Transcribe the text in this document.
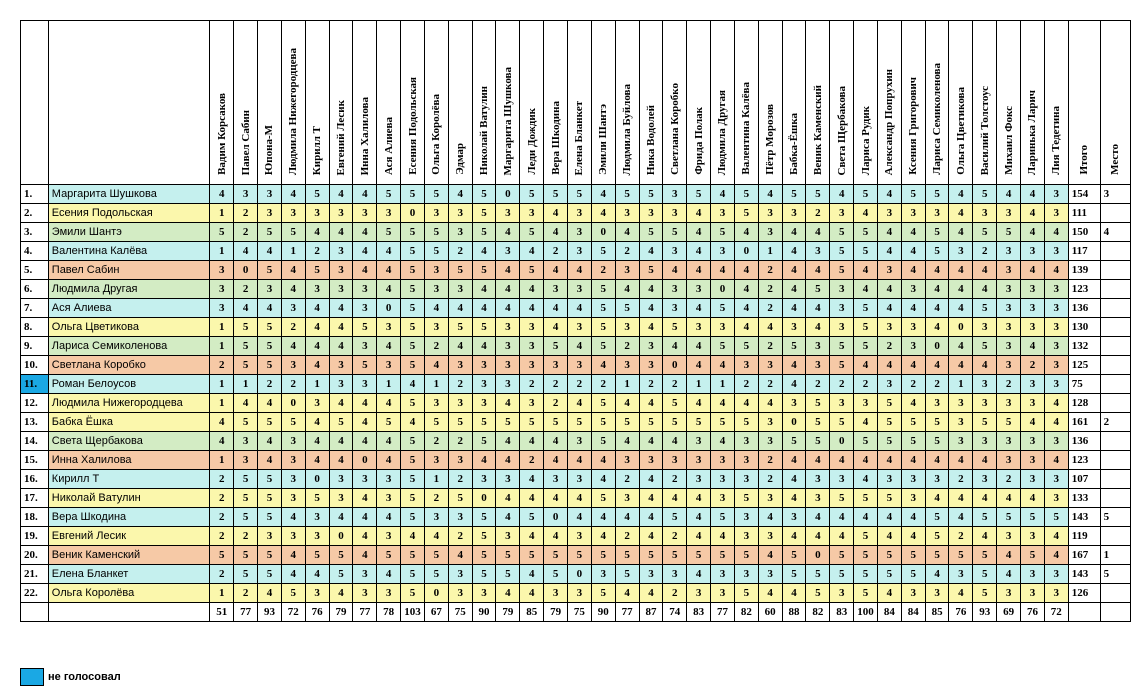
		Вадим Корсаков	Павел Сабин	Юпона-М	Людмила Нижегородцева	Кирилл Т	Евгений Лесик	Инна Халилова	Ася Алиева	Есения Подольская	Ольга Королёва	Эдмар	Николай Ватулин	Маргарита Шушкова	Леди Дождик	Вера Шкодина	Елена Бланкет	Эмили Шантэ	Людмила Буйлова	Ника Водолей	Светлана Коробко	Фрида Полак	Людмила Другая	Валентина Калёва	Пётр Морозов	Бабка-Ёшка	Веник Каменский	Света Щербакова	Лариса Рудик	Александр Попрухин	Ксения Григорович	Лариса Семиколенова	Ольга Цветикова	Василий Толстоус	Михаил Фокс	Ларинька Ларич	Лия Тедетина	Итого	Место
1.	Маргарита Шушкова	4	3	3	4	5	4	4	5	5	5	4	5	0	5	5	5	4	5	5	3	5	4	5	4	5	5	4	5	4	5	5	4	5	4	4	3	154	3
2.	Есения Подольская	1	2	3	3	3	3	3	3	0	3	3	5	3	3	4	3	4	3	3	3	4	3	5	3	3	2	3	4	3	3	3	4	3	3	4	3	111	
3.	Эмили Шантэ	5	2	5	5	4	4	4	5	5	5	3	5	4	5	4	3	0	4	5	5	4	5	4	3	4	4	5	5	4	4	5	4	5	5	4	4	150	4
4.	Валентина Калёва	1	4	4	1	2	3	4	4	5	5	2	4	3	4	2	3	5	2	4	3	4	3	0	1	4	3	5	5	4	4	5	3	2	3	3	3	117	
5.	Павел Сабин	3	0	5	4	5	3	4	4	5	3	5	5	4	5	4	4	2	3	5	4	4	4	4	2	4	4	5	4	3	4	4	4	4	3	4	4	139	
6.	Людмила Другая	3	2	3	4	3	3	3	4	5	3	3	4	4	4	3	3	5	4	4	3	3	0	4	2	4	5	3	4	4	3	4	4	4	3	3	3	123	
7.	Ася Алиева	3	4	4	3	4	4	3	0	5	4	4	4	4	4	4	4	5	5	4	3	4	5	4	2	4	4	3	5	4	4	4	4	5	3	3	3	136	
8.	Ольга Цветикова	1	5	5	2	4	4	5	3	5	3	5	5	3	3	4	3	5	3	4	5	3	3	4	4	3	4	3	5	3	3	4	0	3	3	3	3	130	
9.	Лариса Семиколенова	1	5	5	4	4	4	3	4	5	2	4	4	3	3	5	4	5	2	3	4	4	5	5	2	5	3	5	5	2	3	0	4	5	3	4	3	132	
10.	Светлана Коробко	2	5	5	3	4	3	5	3	5	4	3	3	3	3	3	3	4	3	3	0	4	4	3	3	4	3	5	4	4	4	4	4	4	3	2	3	125	
11.	Роман Белоусов	1	1	2	2	1	3	3	1	4	1	2	3	3	2	2	2	2	1	2	2	1	1	2	2	4	2	2	2	3	2	2	1	3	2	3	3	75	
12.	Людмила Нижегородцева	1	4	4	0	3	4	4	4	5	3	3	3	4	3	2	4	5	4	4	5	4	4	4	4	3	5	3	3	5	4	3	3	3	3	3	4	128	
13.	Бабка Ёшка	4	5	5	5	4	5	4	5	4	5	5	5	5	5	5	5	5	5	5	5	5	5	5	3	0	5	5	4	5	5	5	3	5	5	4	4	161	2
14.	Света Щербакова	4	3	4	3	4	4	4	4	5	2	2	5	4	4	4	3	5	4	4	4	3	4	3	3	5	5	0	5	5	5	5	3	3	3	3	3	136	
15.	Инна Халилова	1	3	4	3	4	4	0	4	5	3	3	4	4	2	4	4	4	3	3	3	3	3	3	2	4	4	4	4	4	4	4	4	4	3	3	4	123	
16.	Кирилл Т	2	5	5	3	0	3	3	3	5	1	2	3	3	4	3	3	4	2	4	2	3	3	3	2	4	3	3	4	3	3	3	2	3	2	3	3	107	
17.	Николай Ватулин	2	5	5	3	5	3	4	3	5	2	5	0	4	4	4	4	5	3	4	4	4	3	5	3	4	3	5	5	5	3	4	4	4	4	4	3	133	
18.	Вера Шкодина	2	5	5	4	3	4	4	4	5	3	3	5	4	5	0	4	4	4	4	5	4	5	3	4	3	4	4	4	4	4	5	4	5	5	5	5	143	5
19.	Евгений Лесик	2	2	3	3	3	0	4	3	4	4	2	5	3	4	4	3	4	2	4	2	4	4	3	3	4	4	4	5	4	4	5	2	4	3	3	4	119	
20.	Веник Каменский	5	5	5	4	5	5	4	5	5	5	4	5	5	5	5	5	5	5	5	5	5	5	5	4	5	0	5	5	5	5	5	5	5	4	5	4	167	1
21.	Елена Бланкет	2	5	5	4	4	5	3	4	5	5	3	5	5	4	5	0	3	5	3	3	4	3	3	3	5	5	5	5	5	5	4	3	5	4	3	3	143	5
22.	Ольга Королёва	1	2	4	5	3	4	3	3	5	0	3	3	4	4	3	3	5	4	4	2	3	3	5	4	4	5	3	5	4	3	3	4	5	3	3	3	126	
		51	77	93	72	76	79	77	78	103	67	75	90	79	85	79	75	90	77	87	74	83	77	82	60	88	82	83	100	84	84	85	76	93	69	76	72		
не голосовал
